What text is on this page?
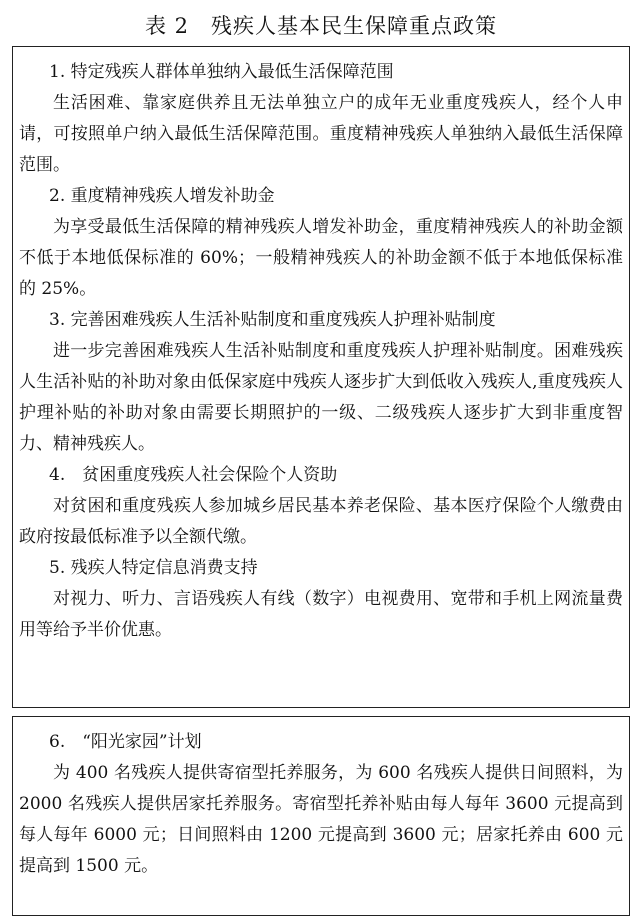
表 2　残疾人基本民生保障重点政策

1. 特定残疾人群体单独纳入最低生活保障范围

生活困难、靠家庭供养且无法单独立户的成年无业重度残疾人，经个人申请，可按照单户纳入最低生活保障范围。重度精神残疾人单独纳入最低生活保障范围。

2. 重度精神残疾人增发补助金

为享受最低生活保障的精神残疾人增发补助金，重度精神残疾人的补助金额不低于本地低保标准的 60%；一般精神残疾人的补助金额不低于本地低保标准的 25%。

3. 完善困难残疾人生活补贴制度和重度残疾人护理补贴制度

进一步完善困难残疾人生活补贴制度和重度残疾人护理补贴制度。困难残疾人生活补贴的补助对象由低保家庭中残疾人逐步扩大到低收入残疾人,重度残疾人护理补贴的补助对象由需要长期照护的一级、二级残疾人逐步扩大到非重度智力、精神残疾人。

4.　贫困重度残疾人社会保险个人资助

对贫困和重度残疾人参加城乡居民基本养老保险、基本医疗保险个人缴费由政府按最低标准予以全额代缴。

5. 残疾人特定信息消费支持

对视力、听力、言语残疾人有线（数字）电视费用、宽带和手机上网流量费用等给予半价优惠。

6.　“阳光家园”计划

为 400 名残疾人提供寄宿型托养服务，为 600 名残疾人提供日间照料，为 2000 名残疾人提供居家托养服务。寄宿型托养补贴由每人每年 3600 元提高到每人每年 6000 元；日间照料由 1200 元提高到 3600 元；居家托养由 600 元提高到 1500 元。
